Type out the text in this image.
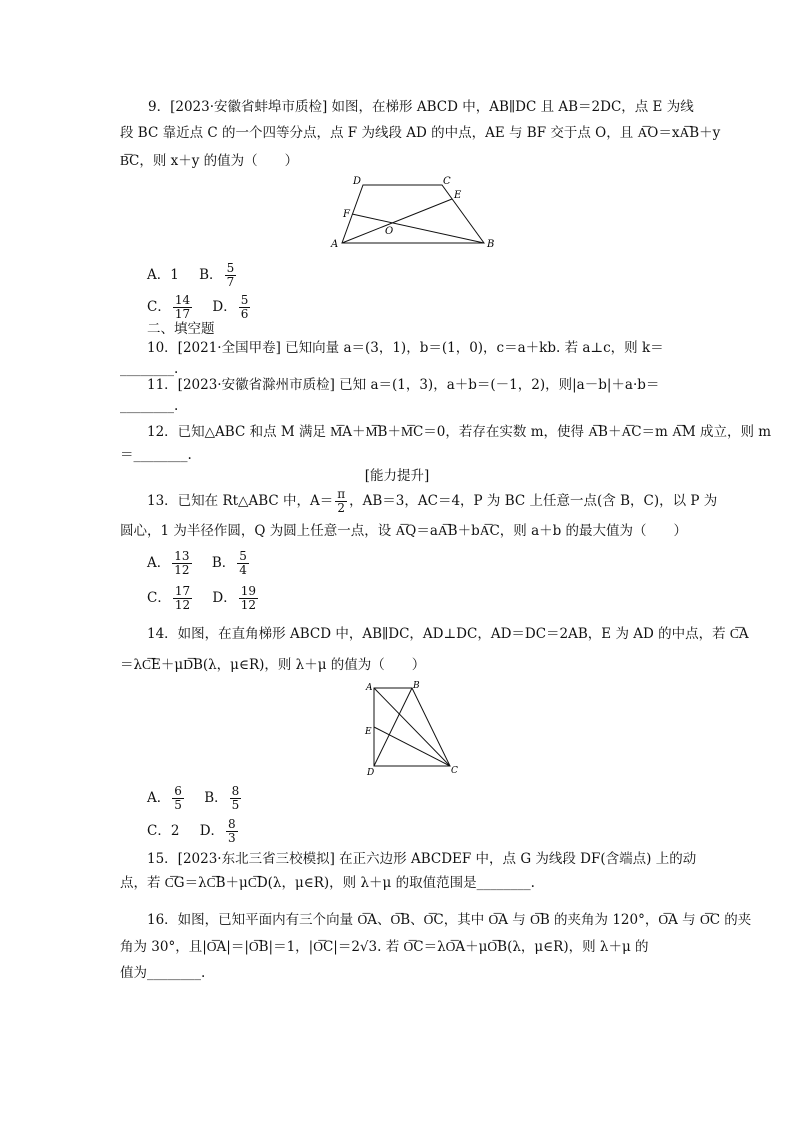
9．[2023·安徽省蚌埠市质检] 如图，在梯形 ABCD 中，AB∥DC 且 AB＝2DC，点 E 为线
段 BC 靠近点 C 的一个四等分点，点 F 为线段 AD 的中点，AE 与 BF 交于点 O，且 A͞O＝xA͞B＋y
B͞C，则 x＋y 的值为（　　）
A	B
C
D
E
F
O
A．1 B． $\frac{5}{7}$
C． $\frac{14}{17}$ D． $\frac{5}{6}$
二、填空题
10．[2021·全国甲卷] 已知向量 a＝(3，1)，b＝(1，0)，c＝a＋kb. 若 a⊥c，则 k＝
________.
11．[2023·安徽省滁州市质检] 已知 a＝(1，3)，a＋b＝(－1，2)，则|a－b|＋a·b＝
________.
12．已知△ABC 和点 M 满足 M͞A＋M͞B＋M͞C＝0，若存在实数 m，使得 A͞B＋A͞C＝m A͞M 成立，则 m
＝________.
[能力提升]
13．已知在 Rt△ABC 中，$A= \frac{\pi}{2}$ ，AB＝3，AC＝4，P 为 BC 上任意一点(含 B，C)，以 P 为
圆心，1 为半径作圆，Q 为圆上任意一点，设 A͞Q＝aA͞B＋bA͞C，则 a＋b 的最大值为（　　）
A． $\frac{13}{12}$ B． $\frac{5}{4}$
C． $\frac{17}{12}$ D． $\frac{19}{12}$
14．如图，在直角梯形 ABCD 中，AB∥DC，AD⊥DC，AD＝DC＝2AB，E 为 AD 的中点，若 C͞A
＝λC͞E＋μD͞B(λ，μ∈R)，则 λ＋μ 的值为（　　）
A	B
C
D
E
A． $\frac{6}{5}$ B． $\frac{8}{5}$
C．2 D． $\frac{8}{3}$
15．[2023·东北三省三校模拟] 在正六边形 ABCDEF 中，点 G 为线段 DF(含端点) 上的动
点，若 C͞G＝λC͞B＋μC͞D(λ，μ∈R)，则 λ＋μ 的取值范围是________.
16．如图，已知平面内有三个向量 O͞A、O͞B、O͞C，其中 O͞A 与 O͞B 的夹角为 120°，O͞A 与 O͞C 的夹
角为 30°，且|O͞A|＝|O͞B|＝1，|O͞C|＝2√3. 若 O͞C＝λO͞A＋μO͞B(λ，μ∈R)，则 λ＋μ 的
值为________.
